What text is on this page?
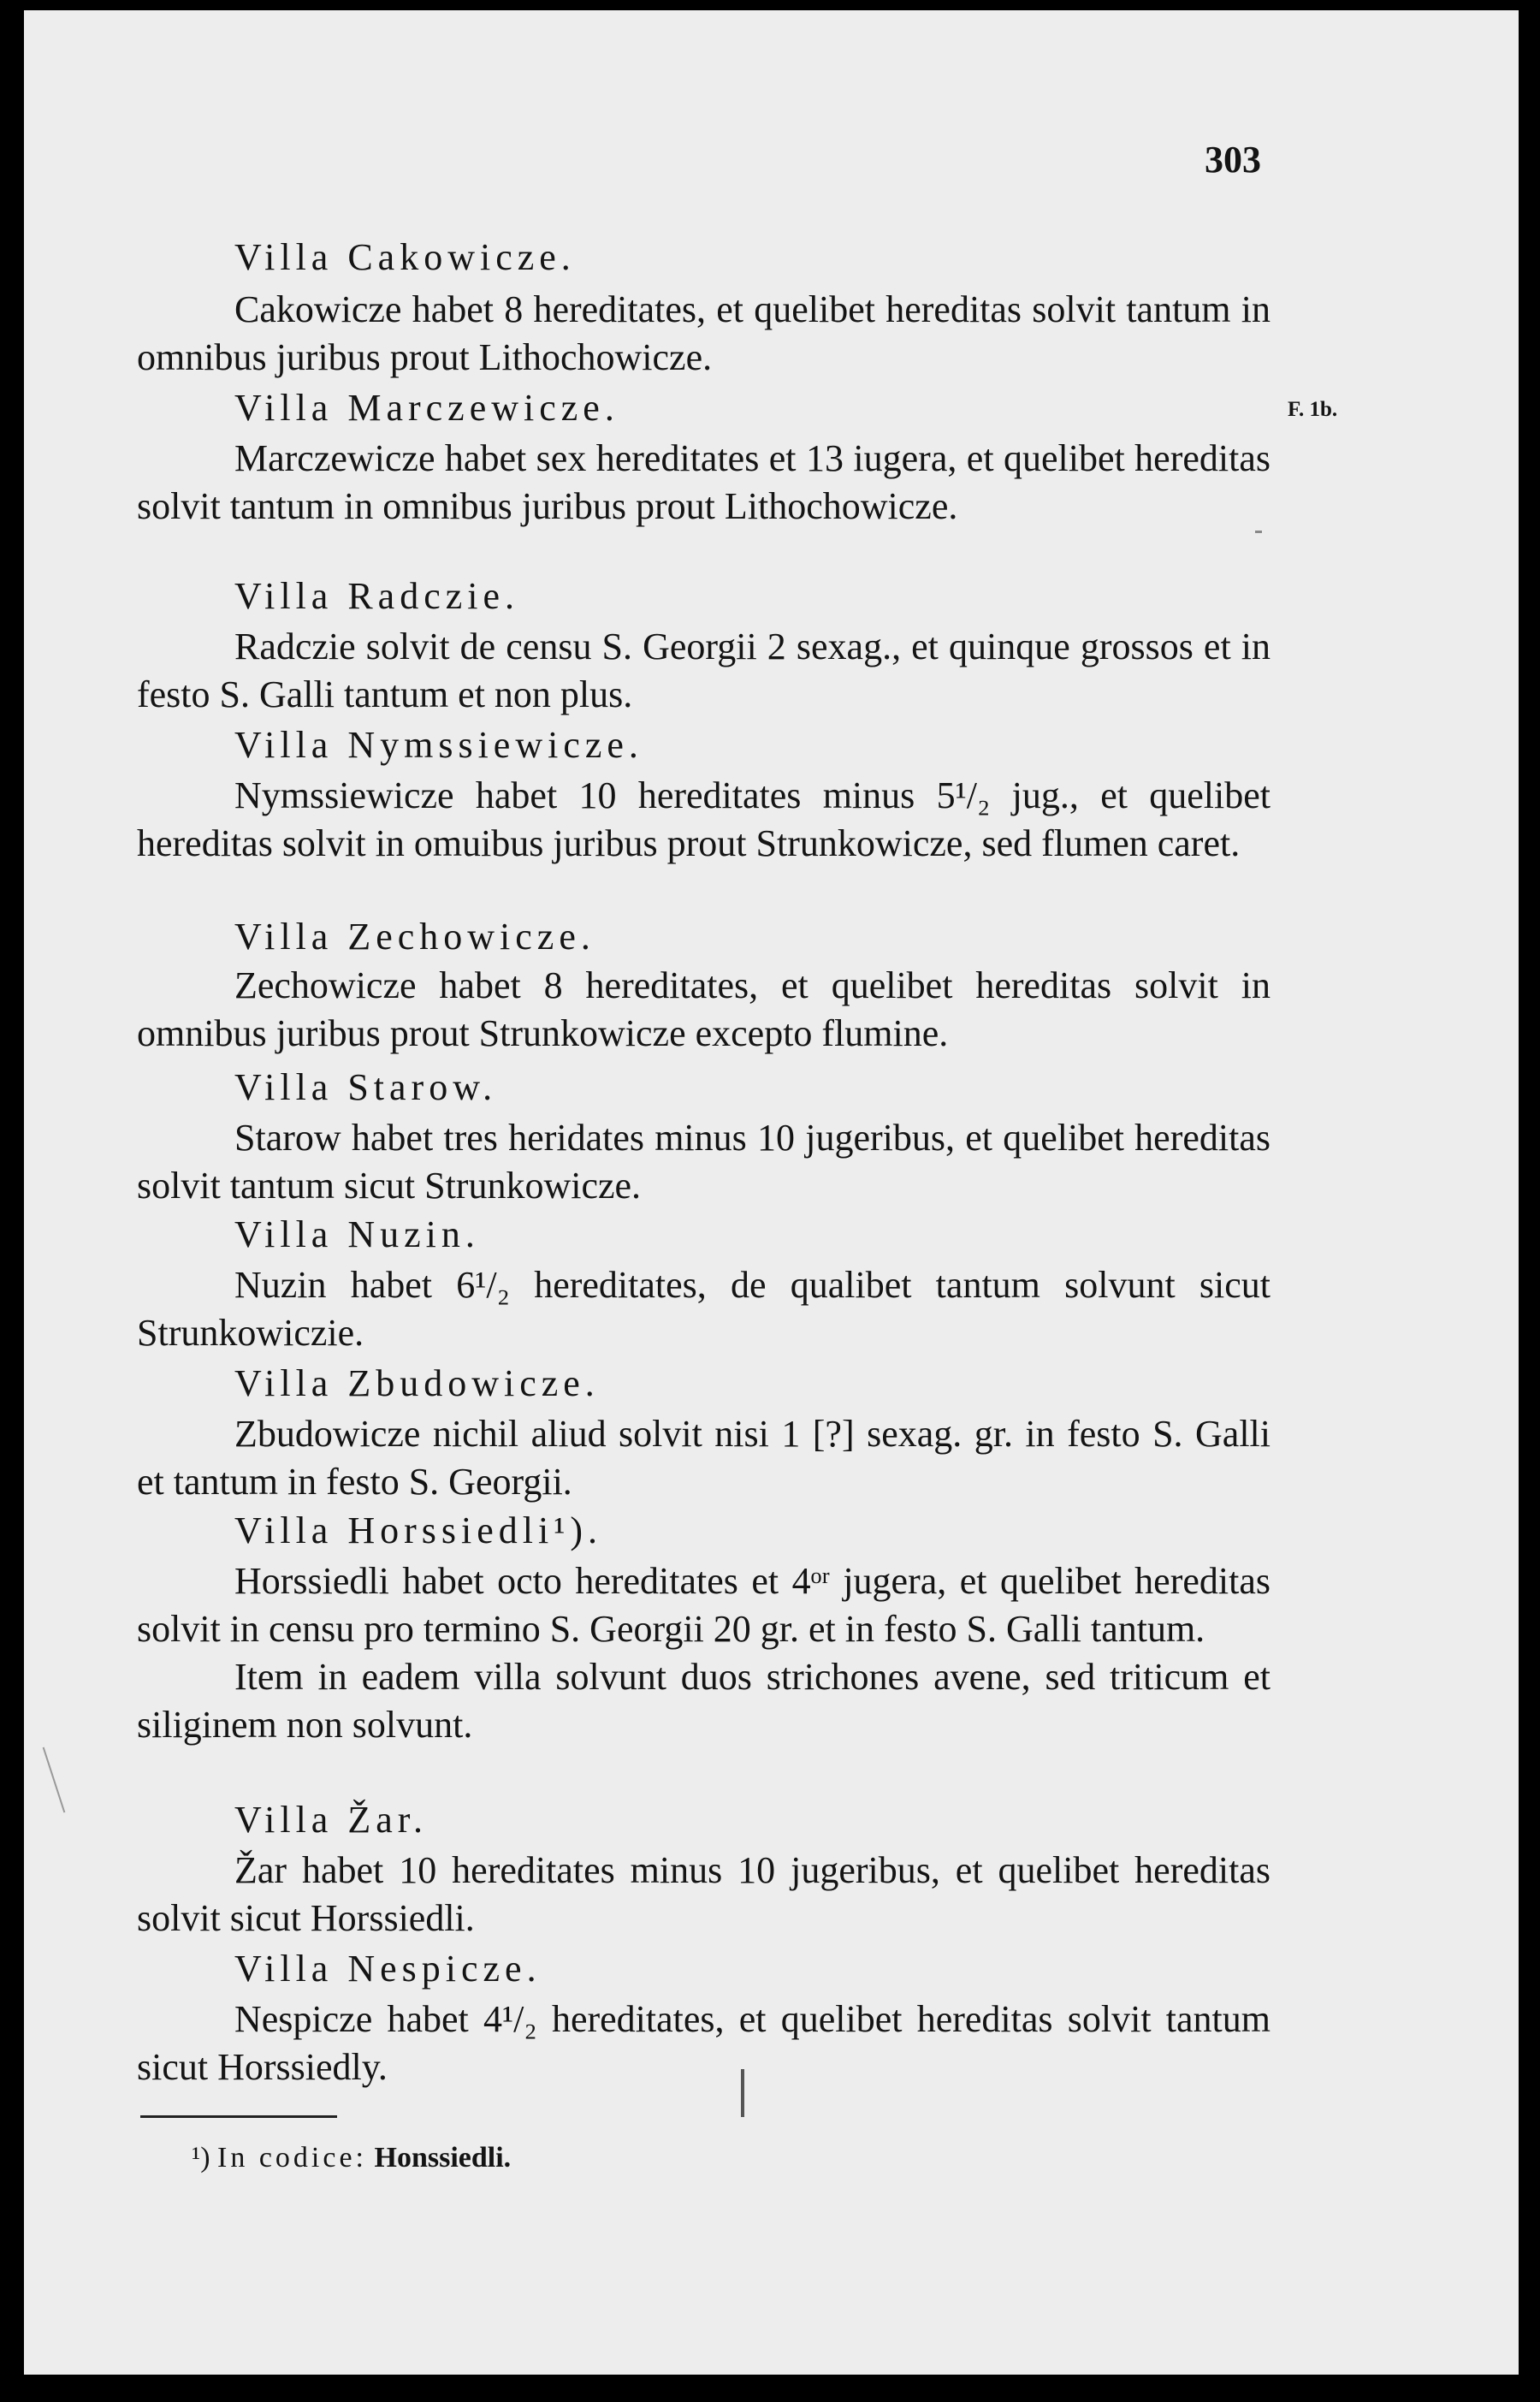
303
F. 1b.
Villa Cakowicze.

Cakowicze habet 8 hereditates, et quelibet hereditas solvit tantum in omnibus juribus prout Lithochowicze.

Villa Marczewicze.

Marczewicze habet sex hereditates et 13 iugera, et quelibet hereditas solvit tantum in omnibus juribus prout Lithochowicze.

Villa Radczie.

Radczie solvit de censu S. Georgii 2 sexag., et quinque grossos et in festo S. Galli tantum et non plus.

Villa Nymssiewicze.

Nymssiewicze habet 10 hereditates minus 5¹/₂ jug., et quelibet hereditas solvit in omuibus juribus prout Strunkowicze, sed flumen caret.

Villa Zechowicze.

Zechowicze habet 8 hereditates, et quelibet hereditas solvit in omnibus juribus prout Strunkowicze excepto flumine.

Villa Starow.

Starow habet tres heridates minus 10 jugeribus, et quelibet hereditas solvit tantum sicut Strunkowicze.

Villa Nuzin.

Nuzin habet 6¹/₂ hereditates, de qualibet tantum solvunt sicut Strunkowiczie.

Villa Zbudowicze.

Zbudowicze nichil aliud solvit nisi 1 [?] sexag. gr. in festo S. Galli et tantum in festo S. Georgii.

Villa Horssiedli¹).

Horssiedli habet octo hereditates et 4ᵒʳ jugera, et quelibet hereditas solvit in censu pro termino S. Georgii 20 gr. et in festo S. Galli tantum.

Item in eadem villa solvunt duos strichones avene, sed triticum et siliginem non solvunt.

Villa Žar.

Žar habet 10 hereditates minus 10 jugeribus, et quelibet hereditas solvit sicut Horssiedli.

Villa Nespicze.

Nespicze habet 4¹/₂ hereditates, et quelibet hereditas solvit tantum sicut Horssiedly.

¹) In codice: Honssiedli.
